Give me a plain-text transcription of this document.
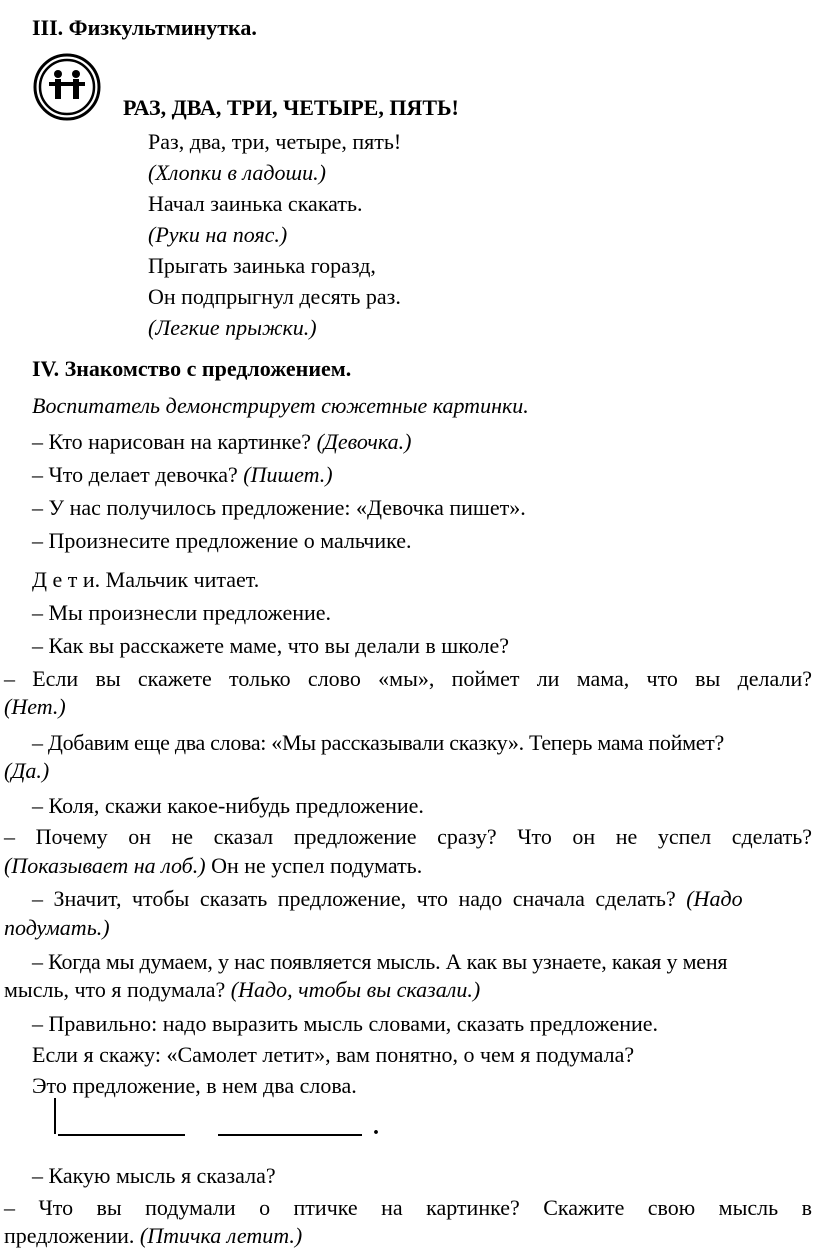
III. Физкультминутка.
РАЗ, ДВА, ТРИ, ЧЕТЫРЕ, ПЯТЬ!
Раз, два, три, четыре, пять!
(Хлопки в ладоши.)
Начал заинька скакать.
(Руки на пояс.)
Прыгать заинька горазд,
Он подпрыгнул десять раз.
(Легкие прыжки.)
IV. Знакомство с предложением.
Воспитатель демонстрирует сюжетные картинки.
– Кто нарисован на картинке? (Девочка.)
– Что делает девочка? (Пишет.)
– У нас получилось предложение: «Девочка пишет».
– Произнесите предложение о мальчике.
Д е т и. Мальчик читает.
– Мы произнесли предложение.
– Как вы расскажете маме, что вы делали в школе?
– Если вы скажете только слово «мы», поймет ли мама, что вы делали?
(Нет.)
– Добавим еще два слова: «Мы рассказывали сказку». Теперь мама поймет?
(Да.)
– Коля, скажи какое-нибудь предложение.
– Почему он не сказал предложение сразу? Что он не успел сделать?
(Показывает на лоб.) Он не успел подумать.
– Значит, чтобы сказать предложение, что надо сначала сделать? (Надо
подумать.)
– Когда мы думаем, у нас появляется мысль. А как вы узнаете, какая у меня
мысль, что я подумала? (Надо, чтобы вы сказали.)
– Правильно: надо выразить мысль словами, сказать предложение.
Если я скажу: «Самолет летит», вам понятно, о чем я подумала?
Это предложение, в нем два слова.
.
– Какую мысль я сказала?
– Что вы подумали о птичке на картинке? Скажите свою мысль в
предложении. (Птичка летит.)
